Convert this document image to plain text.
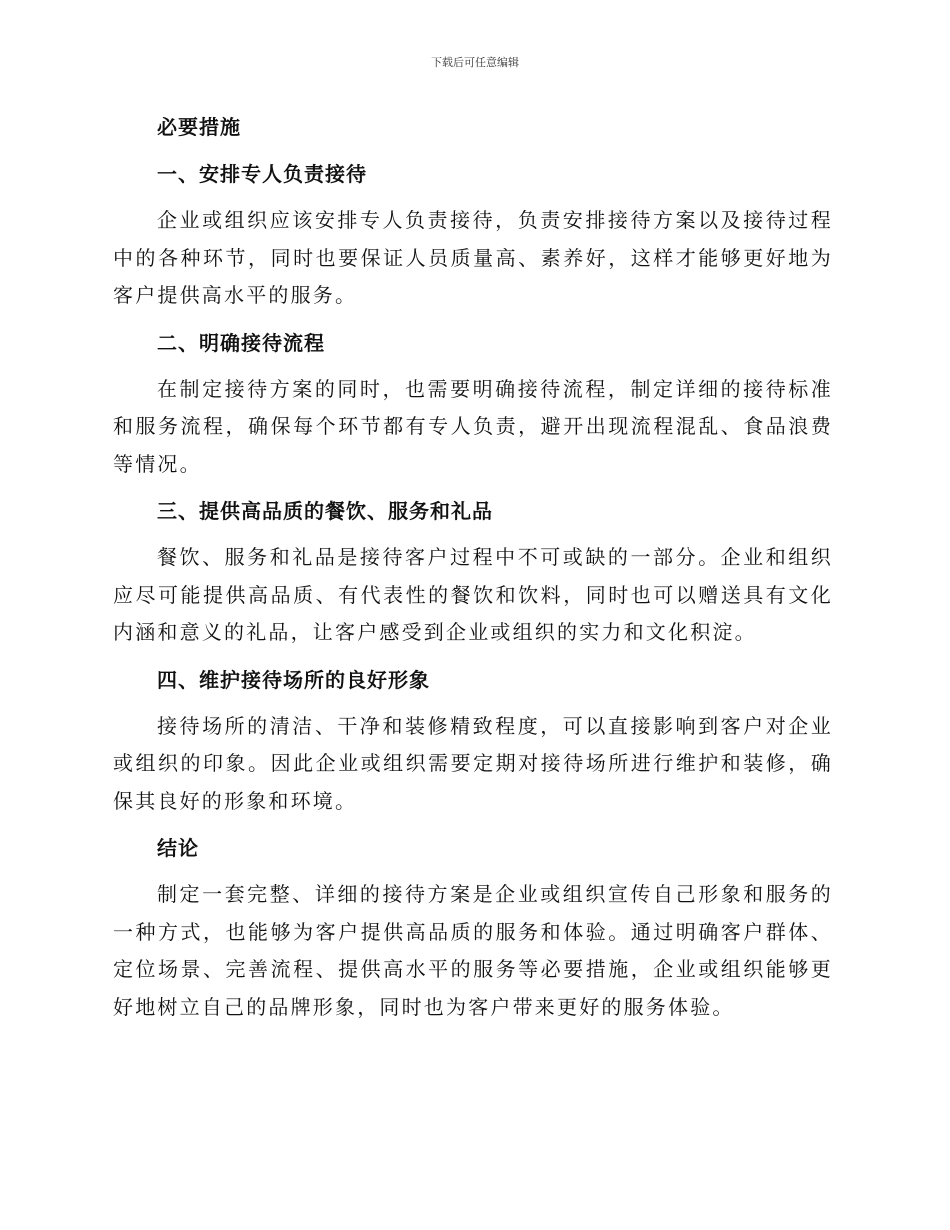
下载后可任意编辑
必要措施
一、安排专人负责接待

企业或组织应该安排专人负责接待，负责安排接待方案以及接待过程中的各种环节，同时也要保证人员质量高、素养好，这样才能够更好地为客户提供高水平的服务。

二、明确接待流程

在制定接待方案的同时，也需要明确接待流程，制定详细的接待标准和服务流程，确保每个环节都有专人负责，避开出现流程混乱、食品浪费等情况。

三、提供高品质的餐饮、服务和礼品

餐饮、服务和礼品是接待客户过程中不可或缺的一部分。企业和组织应尽可能提供高品质、有代表性的餐饮和饮料，同时也可以赠送具有文化内涵和意义的礼品，让客户感受到企业或组织的实力和文化积淀。

四、维护接待场所的良好形象

接待场所的清洁、干净和装修精致程度，可以直接影响到客户对企业或组织的印象。因此企业或组织需要定期对接待场所进行维护和装修，确保其良好的形象和环境。

结论

制定一套完整、详细的接待方案是企业或组织宣传自己形象和服务的一种方式，也能够为客户提供高品质的服务和体验。通过明确客户群体、定位场景、完善流程、提供高水平的服务等必要措施，企业或组织能够更好地树立自己的品牌形象，同时也为客户带来更好的服务体验。
